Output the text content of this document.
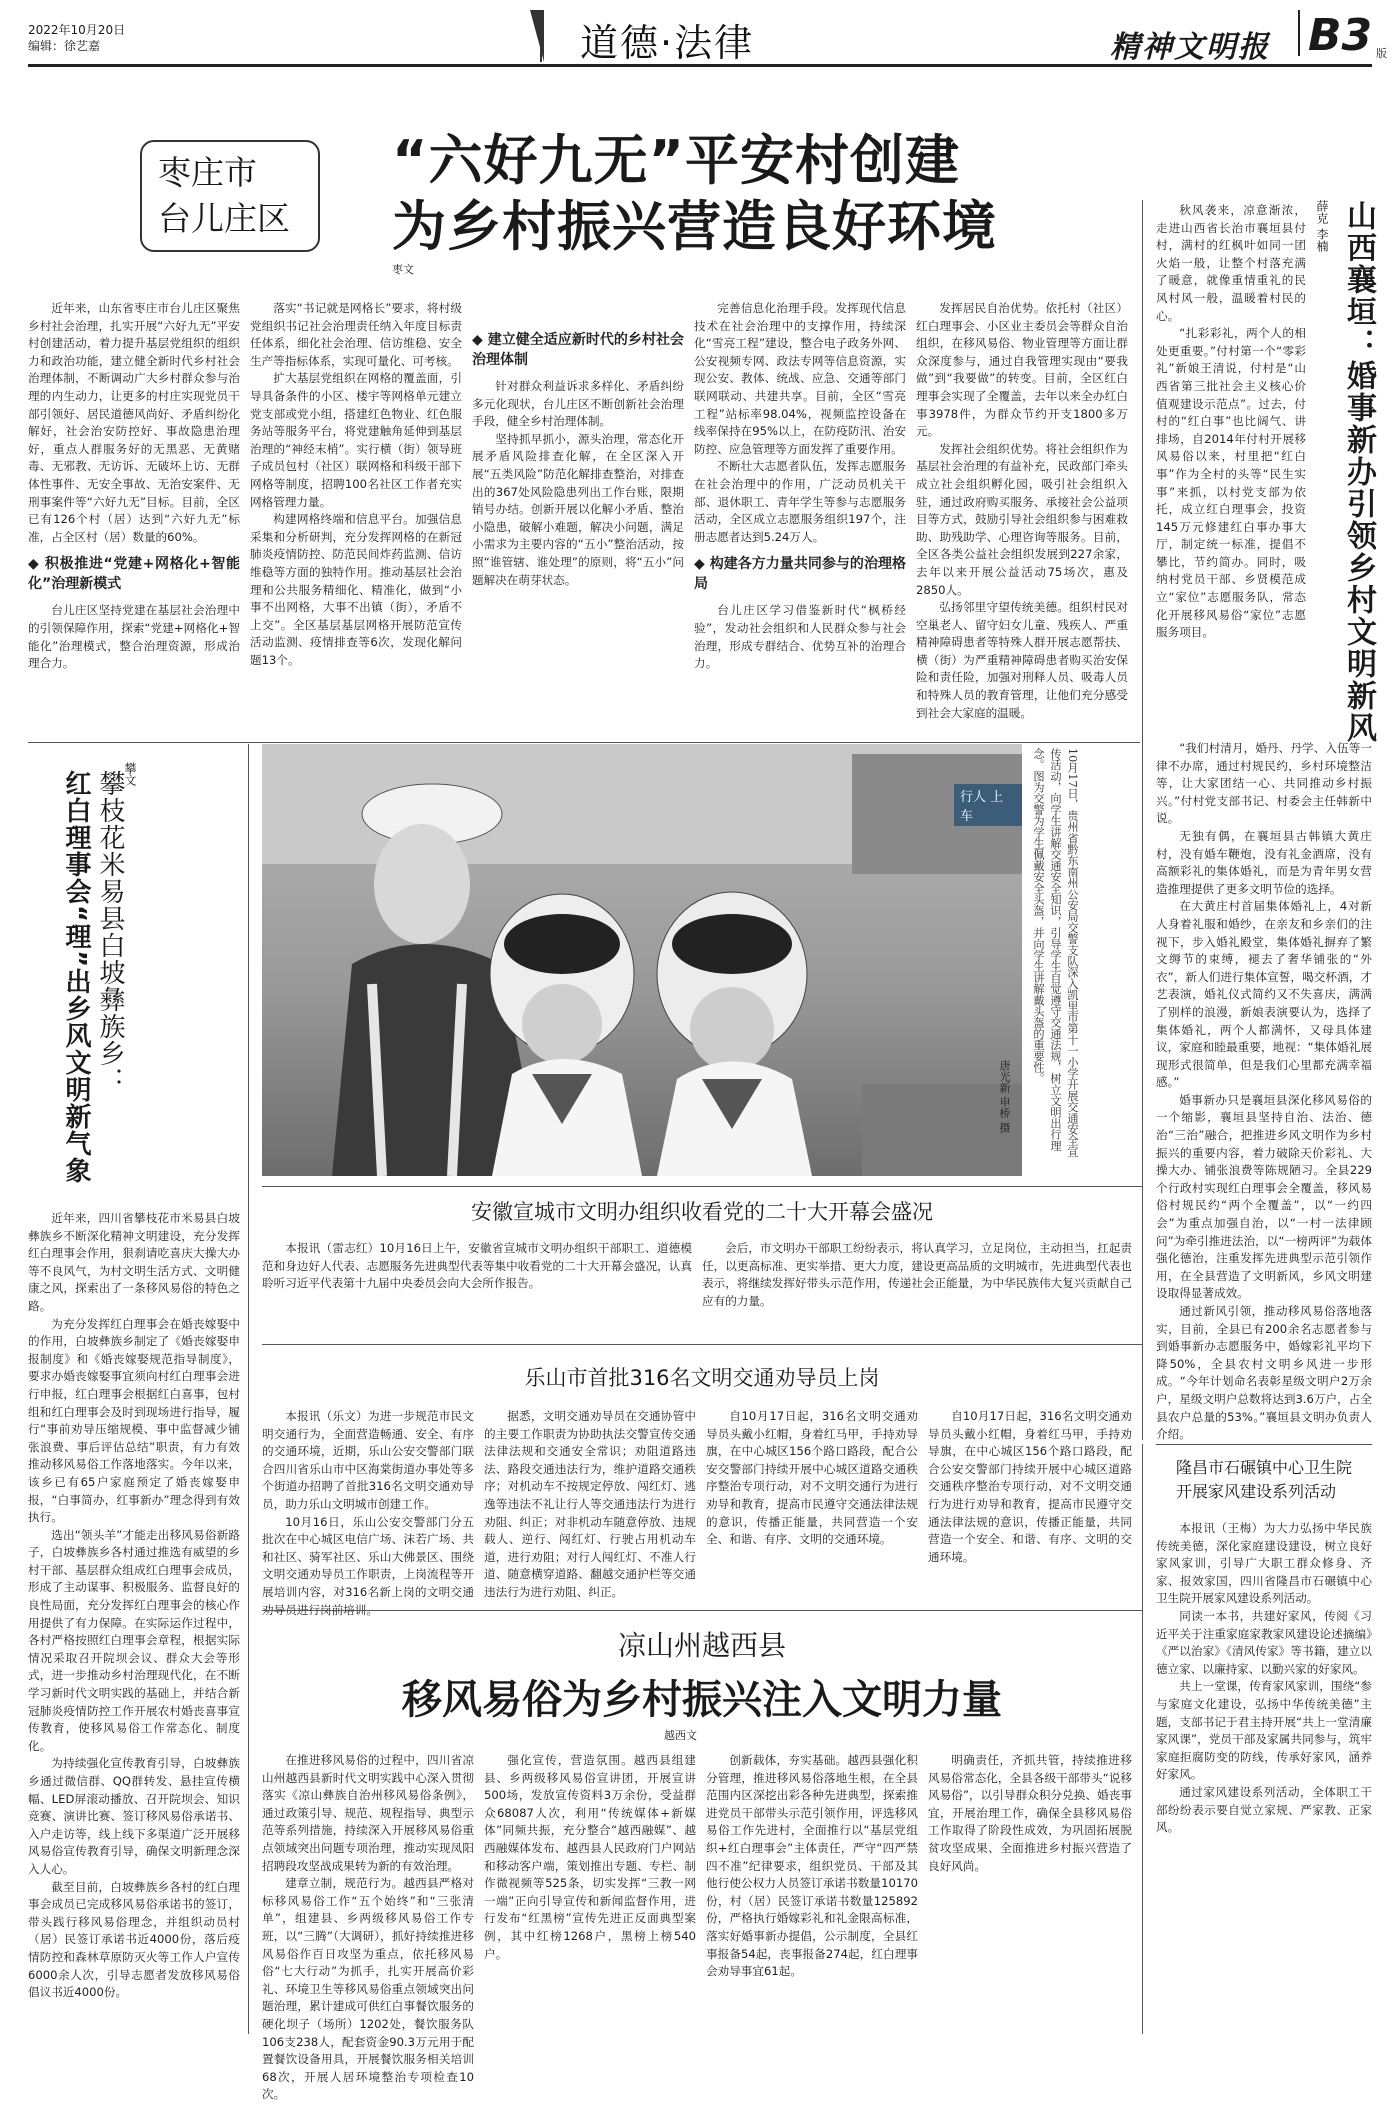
2022年10月20日
编辑：徐艺嘉	道德·法律	精神文明报 B3 版
枣庄市
台儿庄区
“六好九无”平安村创建
为乡村振兴营造良好环境
枣文

近年来，山东省枣庄市台儿庄区聚焦乡村社会治理，扎实开展“六好九无”平安村创建活动，着力提升基层党组织的组织力和政治功能，建立健全新时代乡村社会治理体制，不断调动广大乡村群众参与治理的内生动力，让更多的村庄实现党员干部引领好、居民道德风尚好、矛盾纠纷化解好，社会治安防控好、事故隐患治理好，重点人群服务好的无黑恶、无黄赌毒、无邪教、无访诉、无破坏上访、无群体性事件、无安全事故、无治安案件、无刑事案件等“六好九无”目标。目前，全区已有126个村（居）达到“六好九无”标准，占全区村（居）数量的60%。

◆ 积极推进“党建+网格化+智能化”治理新模式

台儿庄区坚持党建在基层社会治理中的引领保障作用，探索“党建+网格化+智能化”治理模式，整合治理资源，形成治理合力。

落实“书记就是网格长”要求，将村级党组织书记社会治理责任纳入年度目标责任体系，细化社会治理、信访维稳、安全生产等指标体系，实现可量化、可考核。

扩大基层党组织在网格的覆盖面，引导具备条件的小区、楼宇等网格单元建立党支部或党小组，搭建红色物业、红色服务站等服务平台，将党建触角延伸到基层治理的“神经末梢”。实行横（街）领导班子成员包村（社区）联网格和科级干部下网格等制度，招聘100名社区工作者充实网格管理力量。

构建网格终端和信息平台。加强信息采集和分析研判，充分发挥网格的在新冠肺炎疫情防控、防范民间炸药监测、信访维稳等方面的独特作用。推动基层社会治理和公共服务精细化、精准化，做到“小事不出网格，大事不出镇（街），矛盾不上交”。全区基层基层网格开展防范宣传活动监测、疫情排查等6次，发现化解问题13个。

◆ 建立健全适应新时代的乡村社会治理体制

针对群众利益诉求多样化、矛盾纠纷多元化现状，台儿庄区不断创新社会治理手段，健全乡村治理体制。

坚持抓早抓小，源头治理，常态化开展矛盾风险排查化解，在全区深入开展“五类风险”防范化解排查整治，对排查出的367处风险隐患列出工作台账，限期销号办结。创新开展以化解小矛盾、整治小隐患，破解小难题，解决小问题，满足小需求为主要内容的“五小”整治活动，按照“谁管辖、谁处理”的原则，将“五小”问题解决在萌芽状态。

完善信息化治理手段。发挥现代信息技术在社会治理中的支撑作用，持续深化“雪亮工程”建设，整合电子政务外网、公安视频专网、政法专网等信息资源，实现公安、教体、统战、应急、交通等部门联网联动、共建共享。目前，全区“雪亮工程”站标率98.04%，视频监控设备在线率保持在95%以上，在防疫防汛、治安防控、应急管理等方面发挥了重要作用。

不断壮大志愿者队伍，发挥志愿服务在社会治理中的作用，广泛动员机关干部、退休职工、青年学生等参与志愿服务活动，全区成立志愿服务组织197个，注册志愿者达到5.24万人。

◆ 构建各方力量共同参与的治理格局

台儿庄区学习借鉴新时代“枫桥经验”，发动社会组织和人民群众参与社会治理，形成专群结合、优势互补的治理合力。

发挥居民自治优势。依托村（社区）红白理事会、小区业主委员会等群众自治组织，在移风易俗、物业管理等方面让群众深度参与，通过自我管理实现由“要我做”到“我要做”的转变。目前，全区红白理事会实现了全覆盖，去年以来全办红白事3978件，为群众节约开支1800多万元。

发挥社会组织优势。将社会组织作为基层社会治理的有益补充，民政部门牵头成立社会组织孵化园，吸引社会组织入驻，通过政府购买服务、承接社会公益项目等方式，鼓励引导社会组织参与困难救助、助残助学、心理咨询等服务。目前，全区各类公益社会组织发展到227余家，去年以来开展公益活动75场次，惠及2850人。

弘扬邻里守望传统美德。组织村民对空巢老人、留守妇女儿童、残疾人、严重精神障碍患者等特殊人群开展志愿帮扶、横（街）为严重精神障碍患者购买治安保险和责任险，加强对刑释人员、吸毒人员和特殊人员的教育管理，让他们充分感受到社会大家庭的温暖。

薛克 李楠 山西襄垣：婚事新办引领乡村文明新风

秋风袭来，凉意渐浓，走进山西省长治市襄垣县付村，满村的红枫叶如同一团火焰一般，让整个村落充满了暖意，就像重情重礼的民风村风一般，温暖着村民的心。

“扎彩彩礼，两个人的相处更重要。”付村第一个“零彩礼”新娘王清说，付村是“山西省第三批社会主义核心价值观建设示范点”。过去，付村的“红白事”也比阔气、讲排场，自2014年付村开展移风易俗以来，村里把“红白事”作为全村的头等“民生实事”来抓，以村党支部为依托，成立红白理事会，投资145万元修建红白事办事大厅，制定统一标准，提倡不攀比，节约简办。同时，吸纳村党员干部、乡贤模范成立“家位”志愿服务队，常态化开展移风易俗“家位”志愿服务项目。

“我们村清月，婚丹、丹学、入伍等一律不办席，通过村规民约，乡村环境整洁等，让大家团结一心、共同推动乡村振兴。”付村党支部书记、村委会主任韩新中说。

无独有偶，在襄垣县古韩镇大黄庄村，没有婚车鞭炮，没有礼金酒席，没有高额彩礼的集体婚礼，而是为青年男女营造推理提供了更多文明节俭的选择。

在大黄庄村首届集体婚礼上，4对新人身着礼服和婚纱，在亲友和乡亲们的注视下，步入婚礼殿堂，集体婚礼摒弃了繁文缛节的束缚，褪去了奢华铺张的“外衣”，新人们进行集体宣誓，喝交杯酒，才艺表演，婚礼仪式简约又不失喜庆，满满了别样的浪漫，新娘表演要认为，选择了集体婚礼，两个人都满怀，又母具体建议，家庭和睦最重要，地视：“集体婚礼展现形式很简单，但是我们心里都充满幸福感。”

婚事新办只是襄垣县深化移风易俗的一个缩影，襄垣县坚持自治、法治、德治“三治”融合，把推进乡风文明作为乡村振兴的重要内容，着力破除天价彩礼、大操大办、铺张浪费等陈规陋习。全县229个行政村实现红白理事会全覆盖，移风易俗村规民约“两个全覆盖”，以“一约四会”为重点加强自治，以“一村一法律顾问”为牵引推进法治，以“一榜两评”为载体强化德治，注重发挥先进典型示范引领作用，在全县营造了文明新风，乡风文明建设取得显著成效。

通过新风引领，推动移风易俗落地落实，目前，全县已有200余名志愿者参与到婚事新办志愿服务中，婚嫁彩礼平均下降50%，全县农村文明乡风进一步形成。“今年计划命名表彰星级文明户2万余户，星级文明户总数将达到3.6万户，占全县农户总量的53%。”襄垣县文明办负责人介绍。

攀文
攀枝花米易县白坡彝族乡：
红白理事会“理”出乡风文明新气象

近年来，四川省攀枝花市米易县白坡彝族乡不断深化精神文明建设，充分发挥红白理事会作用，狠刹请吃喜庆大操大办等不良风气，为村文明生活方式、文明健康之风，探索出了一条移风易俗的特色之路。

为充分发挥红白理事会在婚丧嫁娶中的作用，白坡彝族乡制定了《婚丧嫁娶申报制度》和《婚丧嫁娶规范指导制度》，要求办婚丧嫁娶事宜须向村红白理事会进行申报，红白理事会根据红白喜事，包村组和红白理事会及时到现场进行指导，履行“事前劝导压缩规模、事中监督减少铺张浪费、事后评估总结”职责，有力有效推动移风易俗工作落地落实。今年以来，该乡已有65户家庭预定了婚丧嫁娶申报，“白事简办，红事新办”理念得到有效执行。

选出“领头羊”才能走出移风易俗新路子，白坡彝族乡各村通过推选有威望的乡村干部、基层群众组成红白理事会成员，形成了主动谋事、积极服务、监督良好的良性局面，充分发挥红白理事会的核心作用提供了有力保障。在实际运作过程中，各村严格按照红白理事会章程，根据实际情况采取召开院坝会议、群众大会等形式，进一步推动乡村治理现代化，在不断学习新时代文明实践的基础上，并结合新冠肺炎疫情防控工作开展农村婚丧喜事宣传教育，使移风易俗工作常态化、制度化。

为持续强化宣传教育引导，白坡彝族乡通过微信群、QQ群转发、悬挂宣传横幅、LED屏滚动播放、召开院坝会、知识竞赛、演讲比赛、签订移风易俗承诺书、入户走访等，线上线下多渠道广泛开展移风易俗宣传教育引导，确保文明新理念深入人心。

截至目前，白坡彝族乡各村的红白理事会成员已完成移风易俗承诺书的签订，带头践行移风易俗理念，并组织动员村（居）民签订承诺书近4000份，落后疫情防控和森林草原防灭火等工作人户宣传6000余人次，引导志愿者发放移风易俗倡议书近4000份。

行人 上车	10月17日，贵州省黔东南州公安局交警支队深入凯里市第十一小学开展交通安全宣传活动，向学生讲解交通安全知识，引导学生自觉遵守交通法规，树立文明出行理念。图为交警为学生佩戴安全头盔，并向学生讲解戴头盔的重要性。
唐光新 申桥 摄
安徽宣城市文明办组织收看党的二十大开幕会盛况

本报讯（雷志红）10月16日上午，安徽省宣城市文明办组织干部职工、道德模范和身边好人代表、志愿服务先进典型代表等集中收看党的二十大开幕会盛况，认真聆听习近平代表第十九届中央委员会向大会所作报告。

会后，市文明办干部职工纷纷表示，将认真学习，立足岗位，主动担当，扛起责任，以更高标准、更实举措、更大力度，建设更高品质的文明城市，先进典型代表也表示，将继续发挥好带头示范作用，传递社会正能量，为中华民族伟大复兴贡献自己应有的力量。

乐山市首批316名文明交通劝导员上岗

本报讯（乐文）为进一步规范市民文明交通行为，全面营造畅通、安全、有序的交通环境，近期，乐山公安交警部门联合四川省乐山市中区海棠街道办事处等多个街道办招聘了首批316名文明交通劝导员，助力乐山文明城市创建工作。

10月16日，乐山公安交警部门分五批次在中心城区电信广场、沫若广场、共和社区、骑军社区、乐山大佛景区、围绕文明交通劝导员工作职责，上岗流程等开展培训内容，对316名新上岗的文明交通劝导员进行岗前培训。

据悉，文明交通劝导员在交通协管中的主要工作职责为协助执法交警宣传交通法律法规和交通安全常识；劝阻道路违法、路段交通违法行为，维护道路交通秩序；对机动车不按规定停放、闯红灯、逃逸等违法不礼让行人等交通违法行为进行劝阻、纠正；对非机动车随意停放、违规载人、逆行、闯红灯、行驶占用机动车道，进行劝阻；对行人闯红灯、不准人行道、随意横穿道路、翻越交通护栏等交通违法行为进行劝阻、纠正。

自10月17日起，316名文明交通劝导员头戴小红帽，身着红马甲，手持劝导旗，在中心城区156个路口路段，配合公安交警部门持续开展中心城区道路交通秩序整治专项行动，对不文明交通行为进行劝导和教育，提高市民遵守交通法律法规的意识，传播正能量，共同营造一个安全、和谐、有序、文明的交通环境。

自10月17日起，316名文明交通劝导员头戴小红帽，身着红马甲，手持劝导旗，在中心城区156个路口路段，配合公安交警部门持续开展中心城区道路交通秩序整治专项行动，对不文明交通行为进行劝导和教育，提高市民遵守交通法律法规的意识，传播正能量，共同营造一个安全、和谐、有序、文明的交通环境。

隆昌市石碾镇中心卫生院
开展家风建设系列活动

本报讯（王梅）为大力弘扬中华民族传统美德，深化家庭建设建设，树立良好家风家训，引导广大职工群众修身、齐家、报效家国，四川省隆昌市石碾镇中心卫生院开展家风建设系列活动。

同读一本书，共建好家风，传阅《习近平关于注重家庭家教家风建设论述摘编》《严以治家》《清风传家》等书籍，建立以德立家、以廉持家、以勤兴家的好家风。

共上一堂课，传育家风家训，围绕“参与家庭文化建设，弘扬中华传统美德”主题，支部书记于君主持开展“共上一堂清廉家风课”，党员干部及家属共同参与，筑牢家庭拒腐防变的防线，传承好家风，涵养好家风。

通过家风建设系列活动，全体职工干部纷纷表示要自觉立家规、严家教、正家风。

凉山州越西县
移风易俗为乡村振兴注入文明力量
越西文

在推进移风易俗的过程中，四川省凉山州越西县新时代文明实践中心深入贯彻落实《凉山彝族自治州移风易俗条例》，通过政策引导、规范、规程指导、典型示范等系列措施，持续深入开展移风易俗重点领域突出问题专项治理，推动实现凤阳招聘段攻坚战成果转为新的有效治理。

建章立制，规范行为。越西县严格对标移风易俗工作“五个始终”和“三张清单”，组建县、乡两级移风易俗工作专班，以“三腾”（大调研），抓好持续推进移风易俗作百日攻坚为重点，依托移风易俗“七大行动”为抓手，扎实开展高价彩礼、环境卫生等移风易俗重点领域突出问题治理，累计建成可供红白事餐饮服务的硬化坝子（场所）1202处，餐饮服务队106支238人，配套资金90.3万元用于配置餐饮设备用具，开展餐饮服务相关培训68次，开展人居环境整治专项检查10次。

强化宣传，营造氛围。越西县组建县、乡两级移风易俗宣讲团，开展宣讲500场，发放宣传资料3万余份，受益群众68087人次，利用“传统媒体+新媒体”同频共振，充分整合“越西融媒”、越西融媒体发布、越西县人民政府门户网站和移动客户端，策划推出专题、专栏、制作微视频等525条，切实发挥“三教一网一端”正向引导宣传和新闻监督作用，进行发布“红黑榜”宣传先进正反面典型案例，其中红榜1268户，黑榜上榜540户。

创新载体，夯实基础。越西县强化积分管理，推进移风易俗落地生根，在全县范围内区深挖出彩各种先进典型，探索推进党员干部带头示范引领作用，评选移风易俗工作先进村，全面推行以“基层党组织+红白理事会”主体责任，严守“四严禁四不准”纪律要求，组织党员、干部及其他行使公权力人员签订承诺书数量10170份，村（居）民签订承诺书数量125892份，严格执行婚嫁彩礼和礼金限高标准，落实好婚事新办提倡，公示制度，全县红事报备54起，丧事报备274起，红白理事会劝导事宜61起。

明确责任，齐抓共管，持续推进移风易俗常态化，全县各级干部带头“说移风易俗”，以引导群众积分兑换、婚丧事宜，开展治理工作，确保全县移风易俗工作取得了阶段性成效，为巩固拓展脱贫攻坚成果、全面推进乡村振兴营造了良好风尚。
